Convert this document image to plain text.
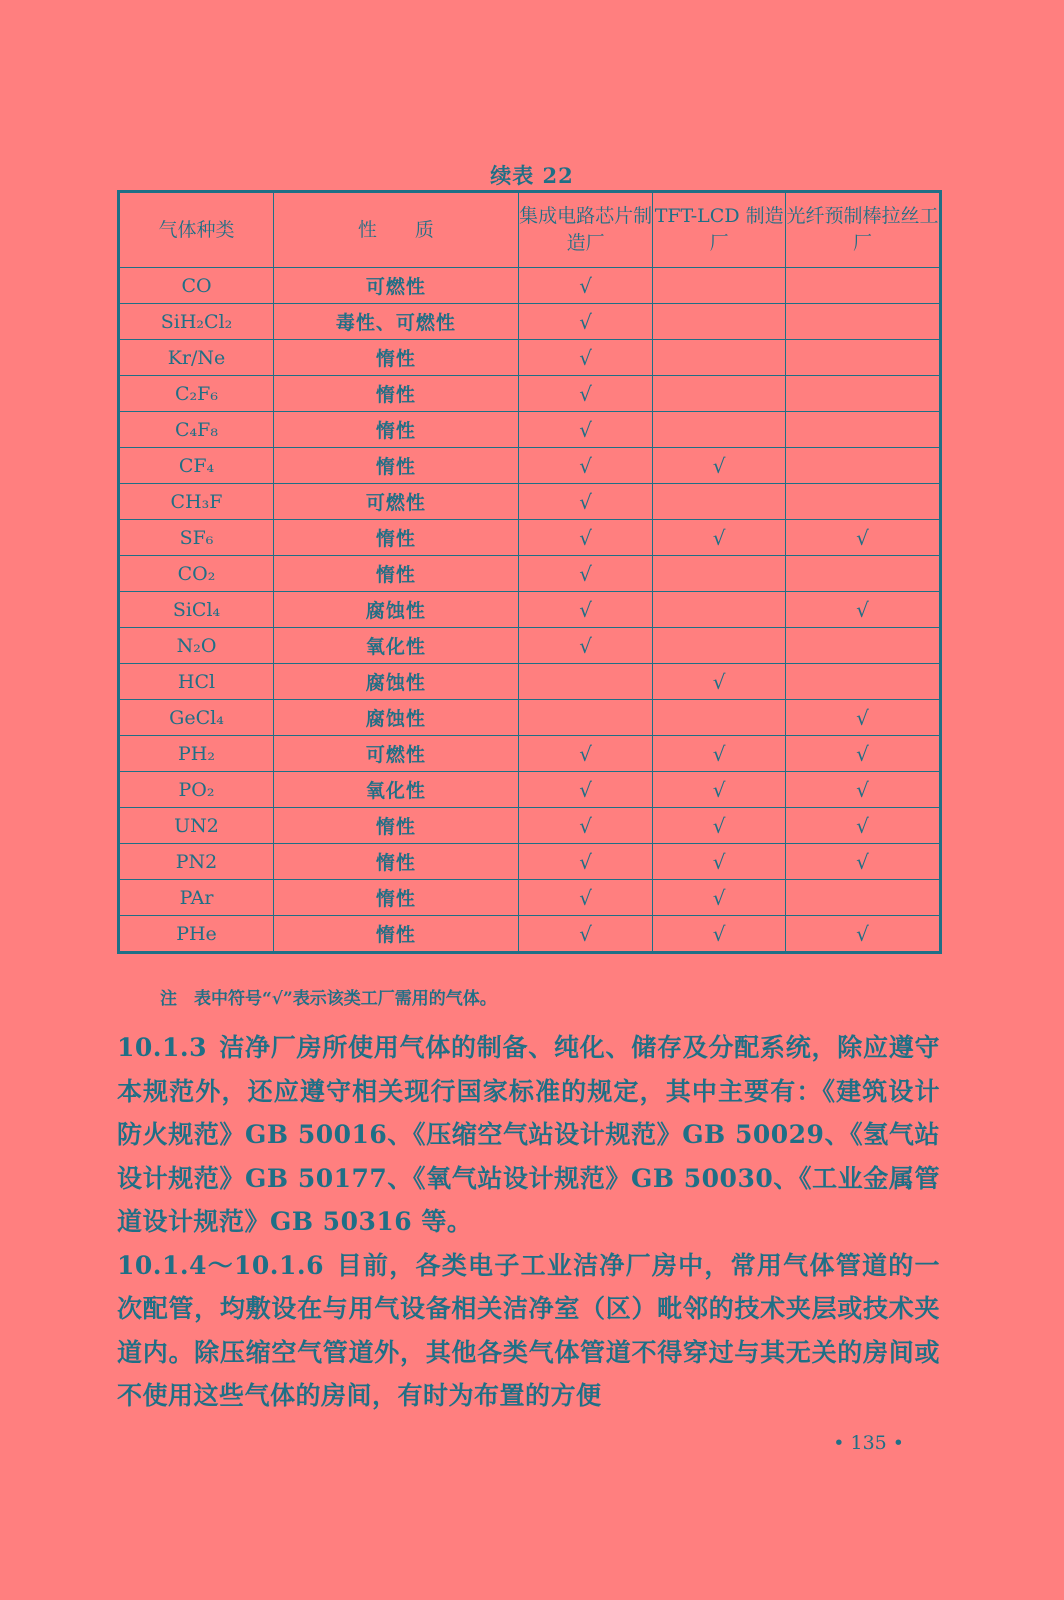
续表 22
气体种类	性　　质	集成电路芯片制造厂	TFT-LCD 制造厂	光纤预制棒拉丝工厂
CO	可燃性	√		
SiH₂Cl₂	毒性、可燃性	√		
Kr/Ne	惰性	√		
C₂F₆	惰性	√		
C₄F₈	惰性	√		
CF₄	惰性	√	√	
CH₃F	可燃性	√		
SF₆	惰性	√	√	√
CO₂	惰性	√		
SiCl₄	腐蚀性	√		√
N₂O	氧化性	√		
HCl	腐蚀性		√	
GeCl₄	腐蚀性			√
PH₂	可燃性	√	√	√
PO₂	氧化性	√	√	√
UN2	惰性	√	√	√
PN2	惰性	√	√	√
PAr	惰性	√	√	
PHe	惰性	√	√	√
注　表中符号“√”表示该类工厂需用的气体。

10.1.3 洁净厂房所使用气体的制备、纯化、储存及分配系统，除应遵守本规范外，还应遵守相关现行国家标准的规定，其中主要有：《建筑设计防火规范》GB 50016、《压缩空气站设计规范》GB 50029、《氢气站设计规范》GB 50177、《氧气站设计规范》GB 50030、《工业金属管道设计规范》GB 50316 等。

10.1.4～10.1.6 目前，各类电子工业洁净厂房中，常用气体管道的一次配管，均敷设在与用气设备相关洁净室（区）毗邻的技术夹层或技术夹道内。除压缩空气管道外，其他各类气体管道不得穿过与其无关的房间或不使用这些气体的房间，有时为布置的方便

• 135 •
